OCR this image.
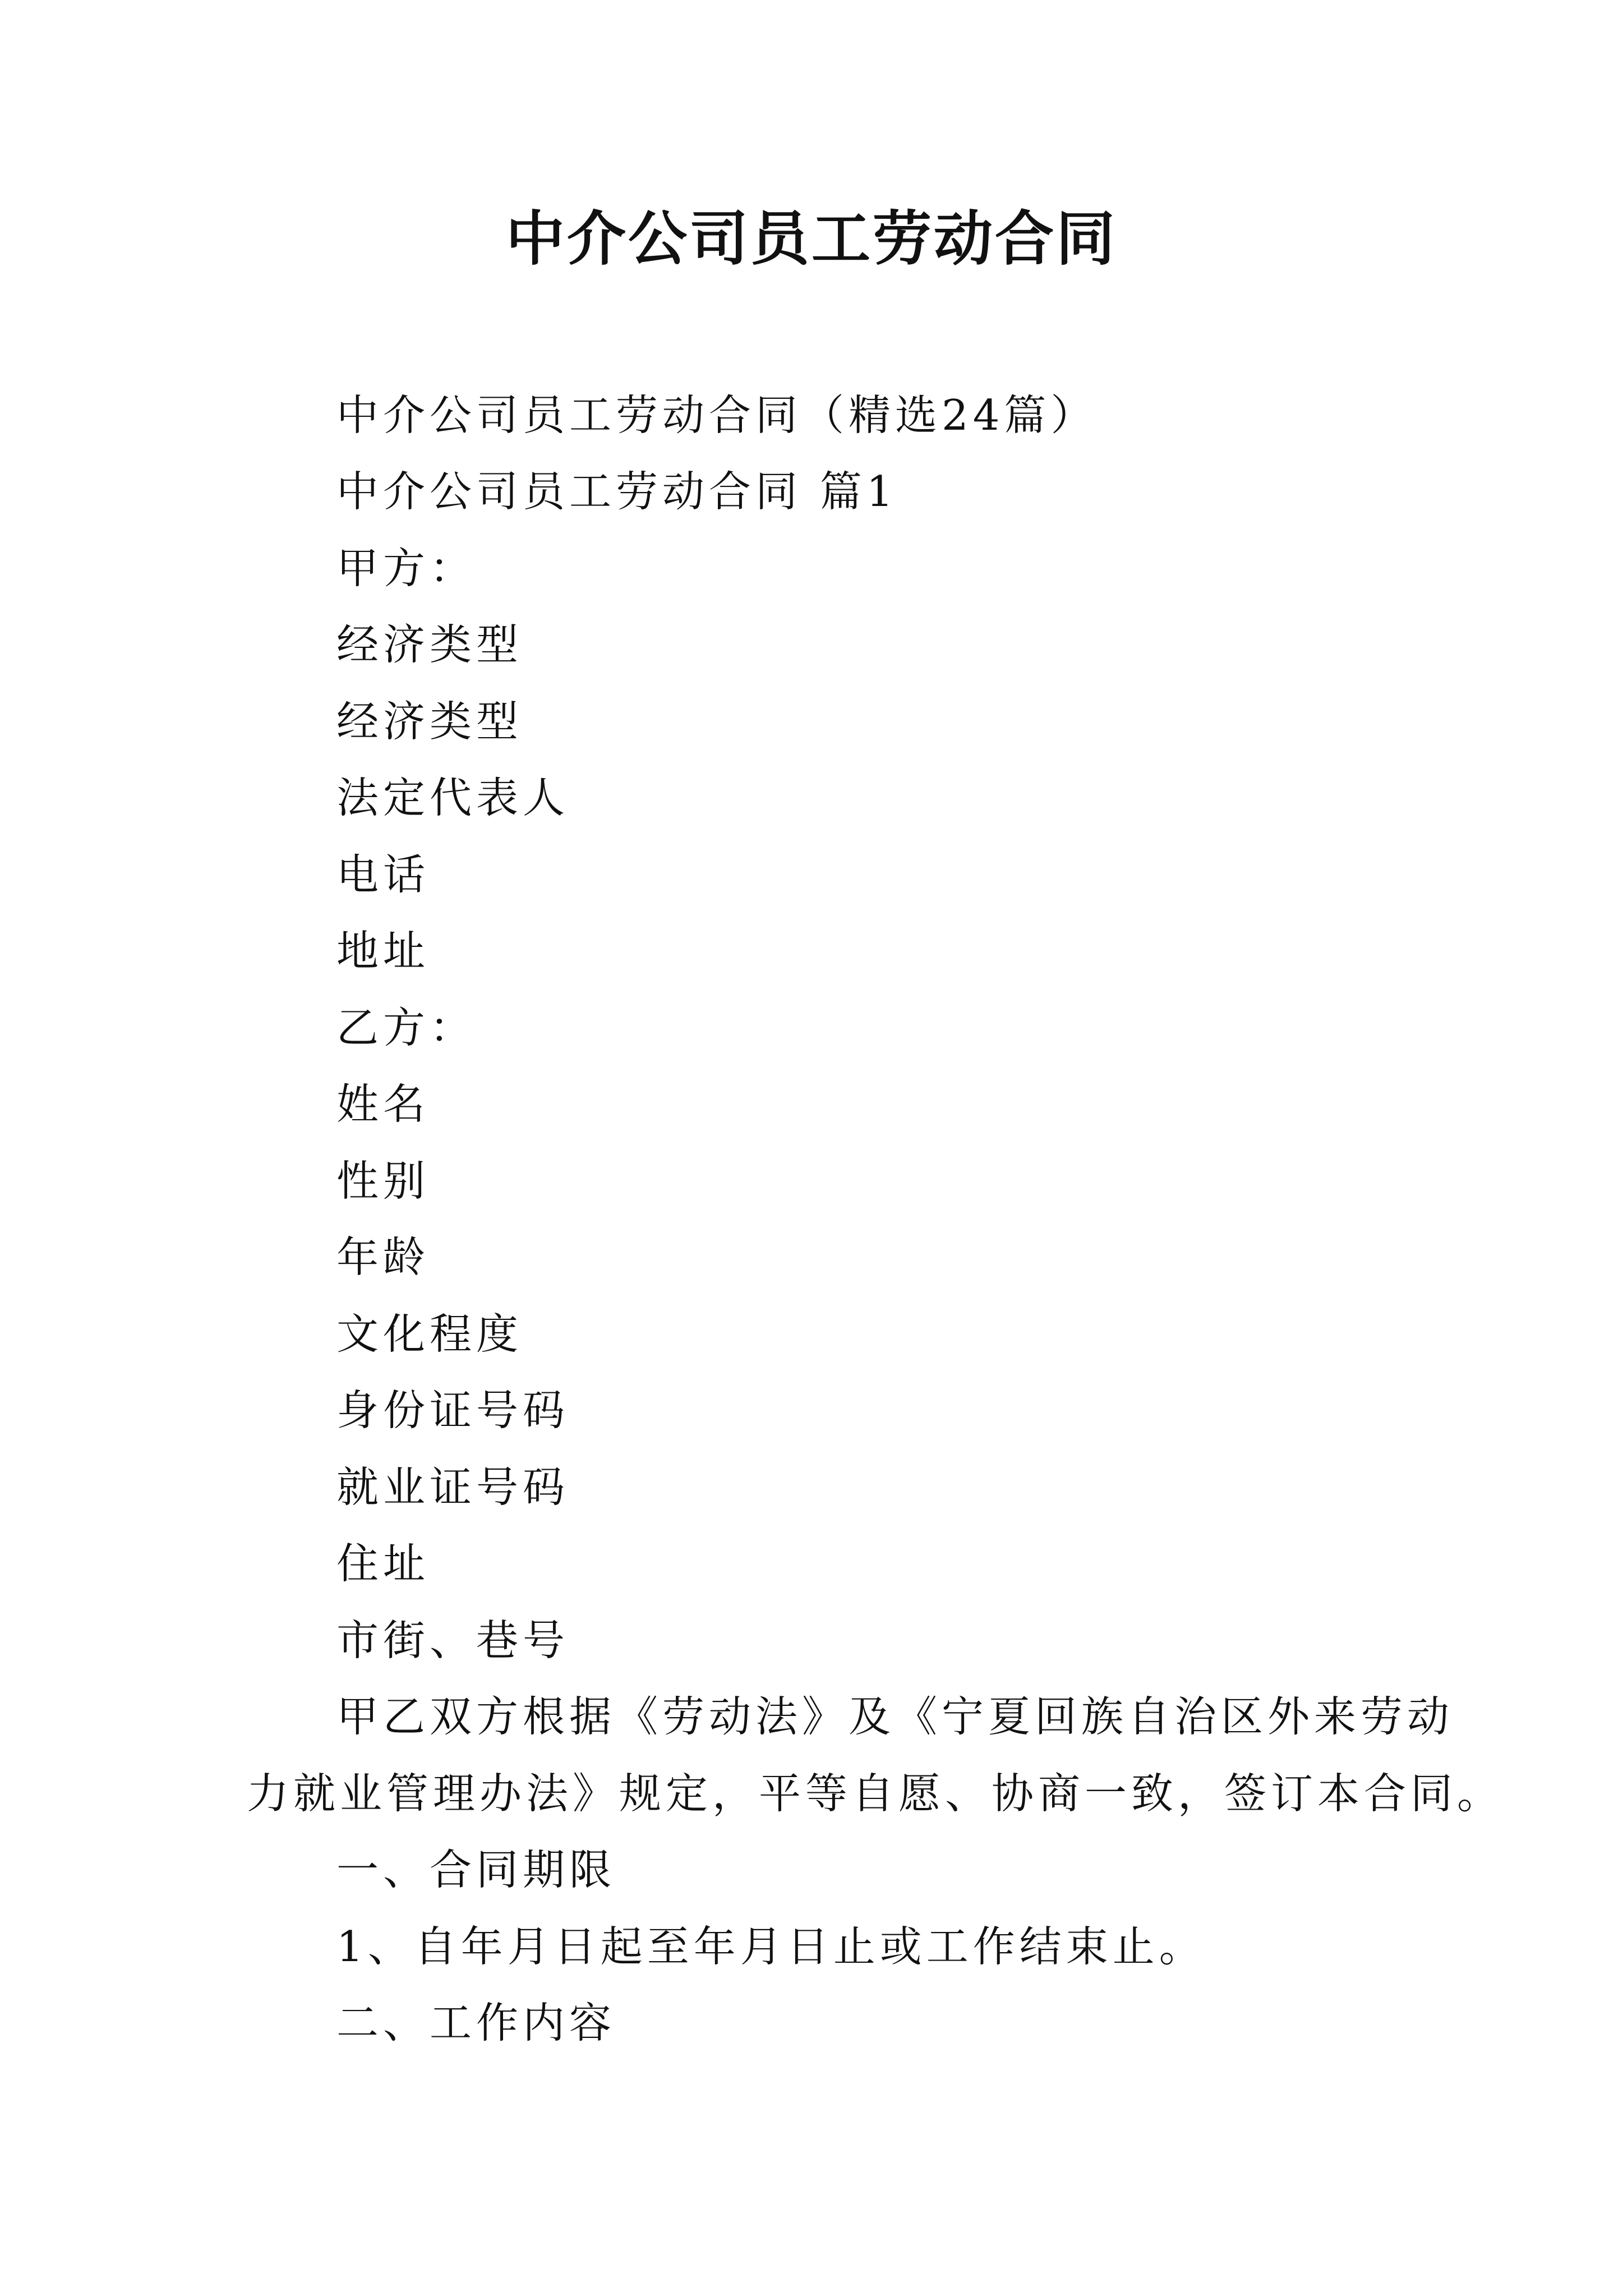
中介公司员工劳动合同

中介公司员工劳动合同（精选24篇）

中介公司员工劳动合同 篇1

甲方：

经济类型

经济类型

法定代表人

电话

地址

乙方：

姓名

性别

年龄

文化程度

身份证号码

就业证号码

住址

市街、巷号

甲乙双方根据《劳动法》及《宁夏回族自治区外来劳动

力就业管理办法》规定，平等自愿、协商一致，签订本合同。

一、合同期限

1、自年月日起至年月日止或工作结束止。

二、工作内容
